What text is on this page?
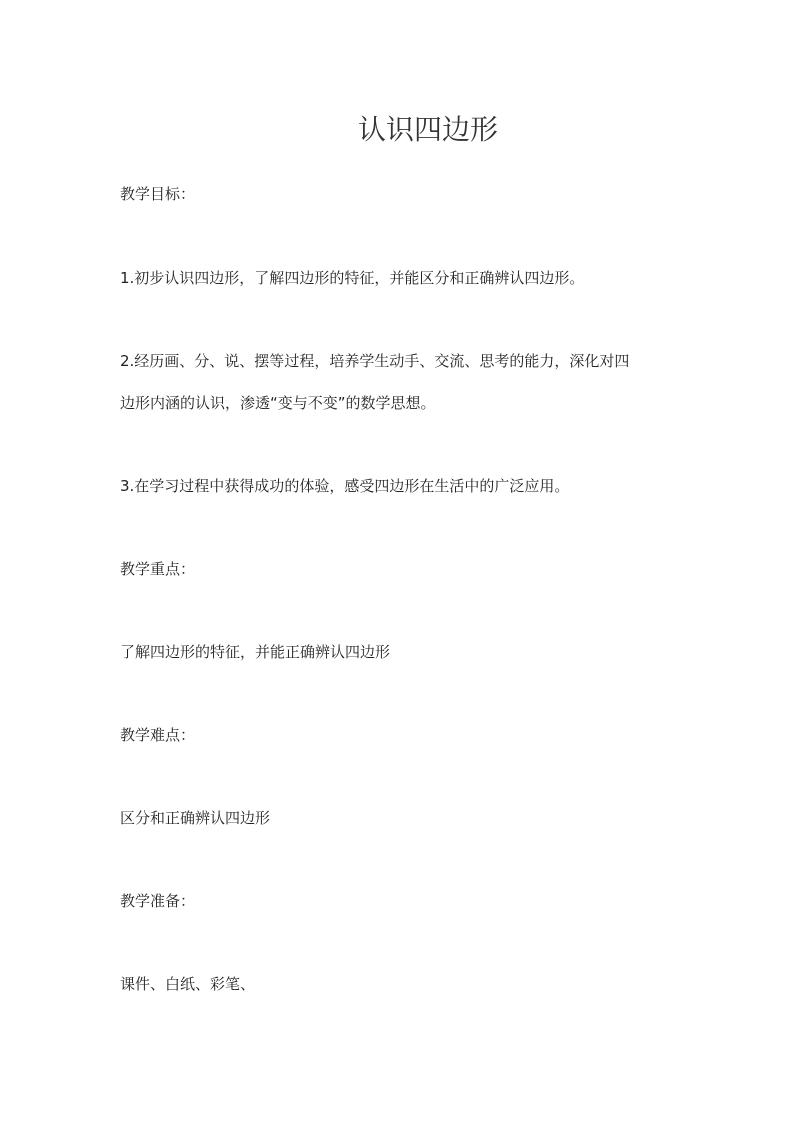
认识四边形
教学目标：
1.初步认识四边形，了解四边形的特征，并能区分和正确辨认四边形。
2.经历画、分、说、摆等过程，培养学生动手、交流、思考的能力，深化对四
边形内涵的认识，渗透“变与不变”的数学思想。
3.在学习过程中获得成功的体验，感受四边形在生活中的广泛应用。
教学重点：
了解四边形的特征，并能正确辨认四边形
教学难点：
区分和正确辨认四边形
教学准备：
课件、白纸、彩笔、
